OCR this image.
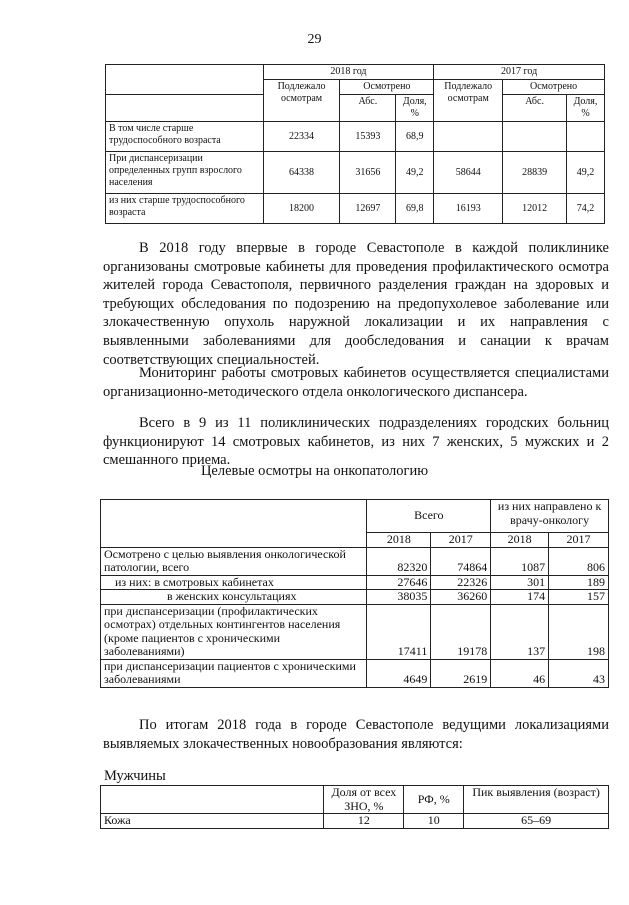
29
	2018 год			2017 год		
	Подлежало осмотрам	Осмотрено		Подлежало осмотрам	Осмотрено	
		Абс.	Доля, %		Абс.	Доля, %
В том числе старше трудоспособного возраста	22334	15393	68,9			
При диспансеризации определенных групп взрослого населения	64338	31656	49,2	58644	28839	49,2
из них старше трудоспособного возраста	18200	12697	69,8	16193	12012	74,2
В 2018 году впервые в городе Севастополе в каждой поликлинике организованы смотровые кабинеты для проведения профилактического осмотра жителей города Севастополя, первичного разделения граждан на здоровых и требующих обследования по подозрению на предопухолевое заболевание или злокачественную опухоль наружной локализации и их направления с выявленными заболеваниями для дообследования и санации к врачам соответствующих специальностей.
Мониторинг работы смотровых кабинетов осуществляется специалистами организационно-методического отдела онкологического диспансера.
Всего в 9 из 11 поликлинических подразделениях городских больниц функционируют 14 смотровых кабинетов, из них 7 женских, 5 мужских и 2 смешанного приема.
Целевые осмотры на онкопатологию
	Всего		из них направлено к врачу-онкологу	
	2018	2017	2018	2017
Осмотрено с целью выявления онкологической патологии, всего	82320	74864	1087	806
из них: в смотровых кабинетах	27646	22326	301	189
в женских консультациях	38035	36260	174	157
при диспансеризации (профилактических осмотрах) отдельных контингентов населения (кроме пациентов с хроническими заболеваниями)	17411	19178	137	198
при диспансеризации пациентов с хроническими заболеваниями	4649	2619	46	43
По итогам 2018 года в городе Севастополе ведущими локализациями выявляемых злокачественных новообразования являются:
Мужчины
	Доля от всех ЗНО, %	РФ, %	Пик выявления (возраст)
Кожа	12	10	65–69
